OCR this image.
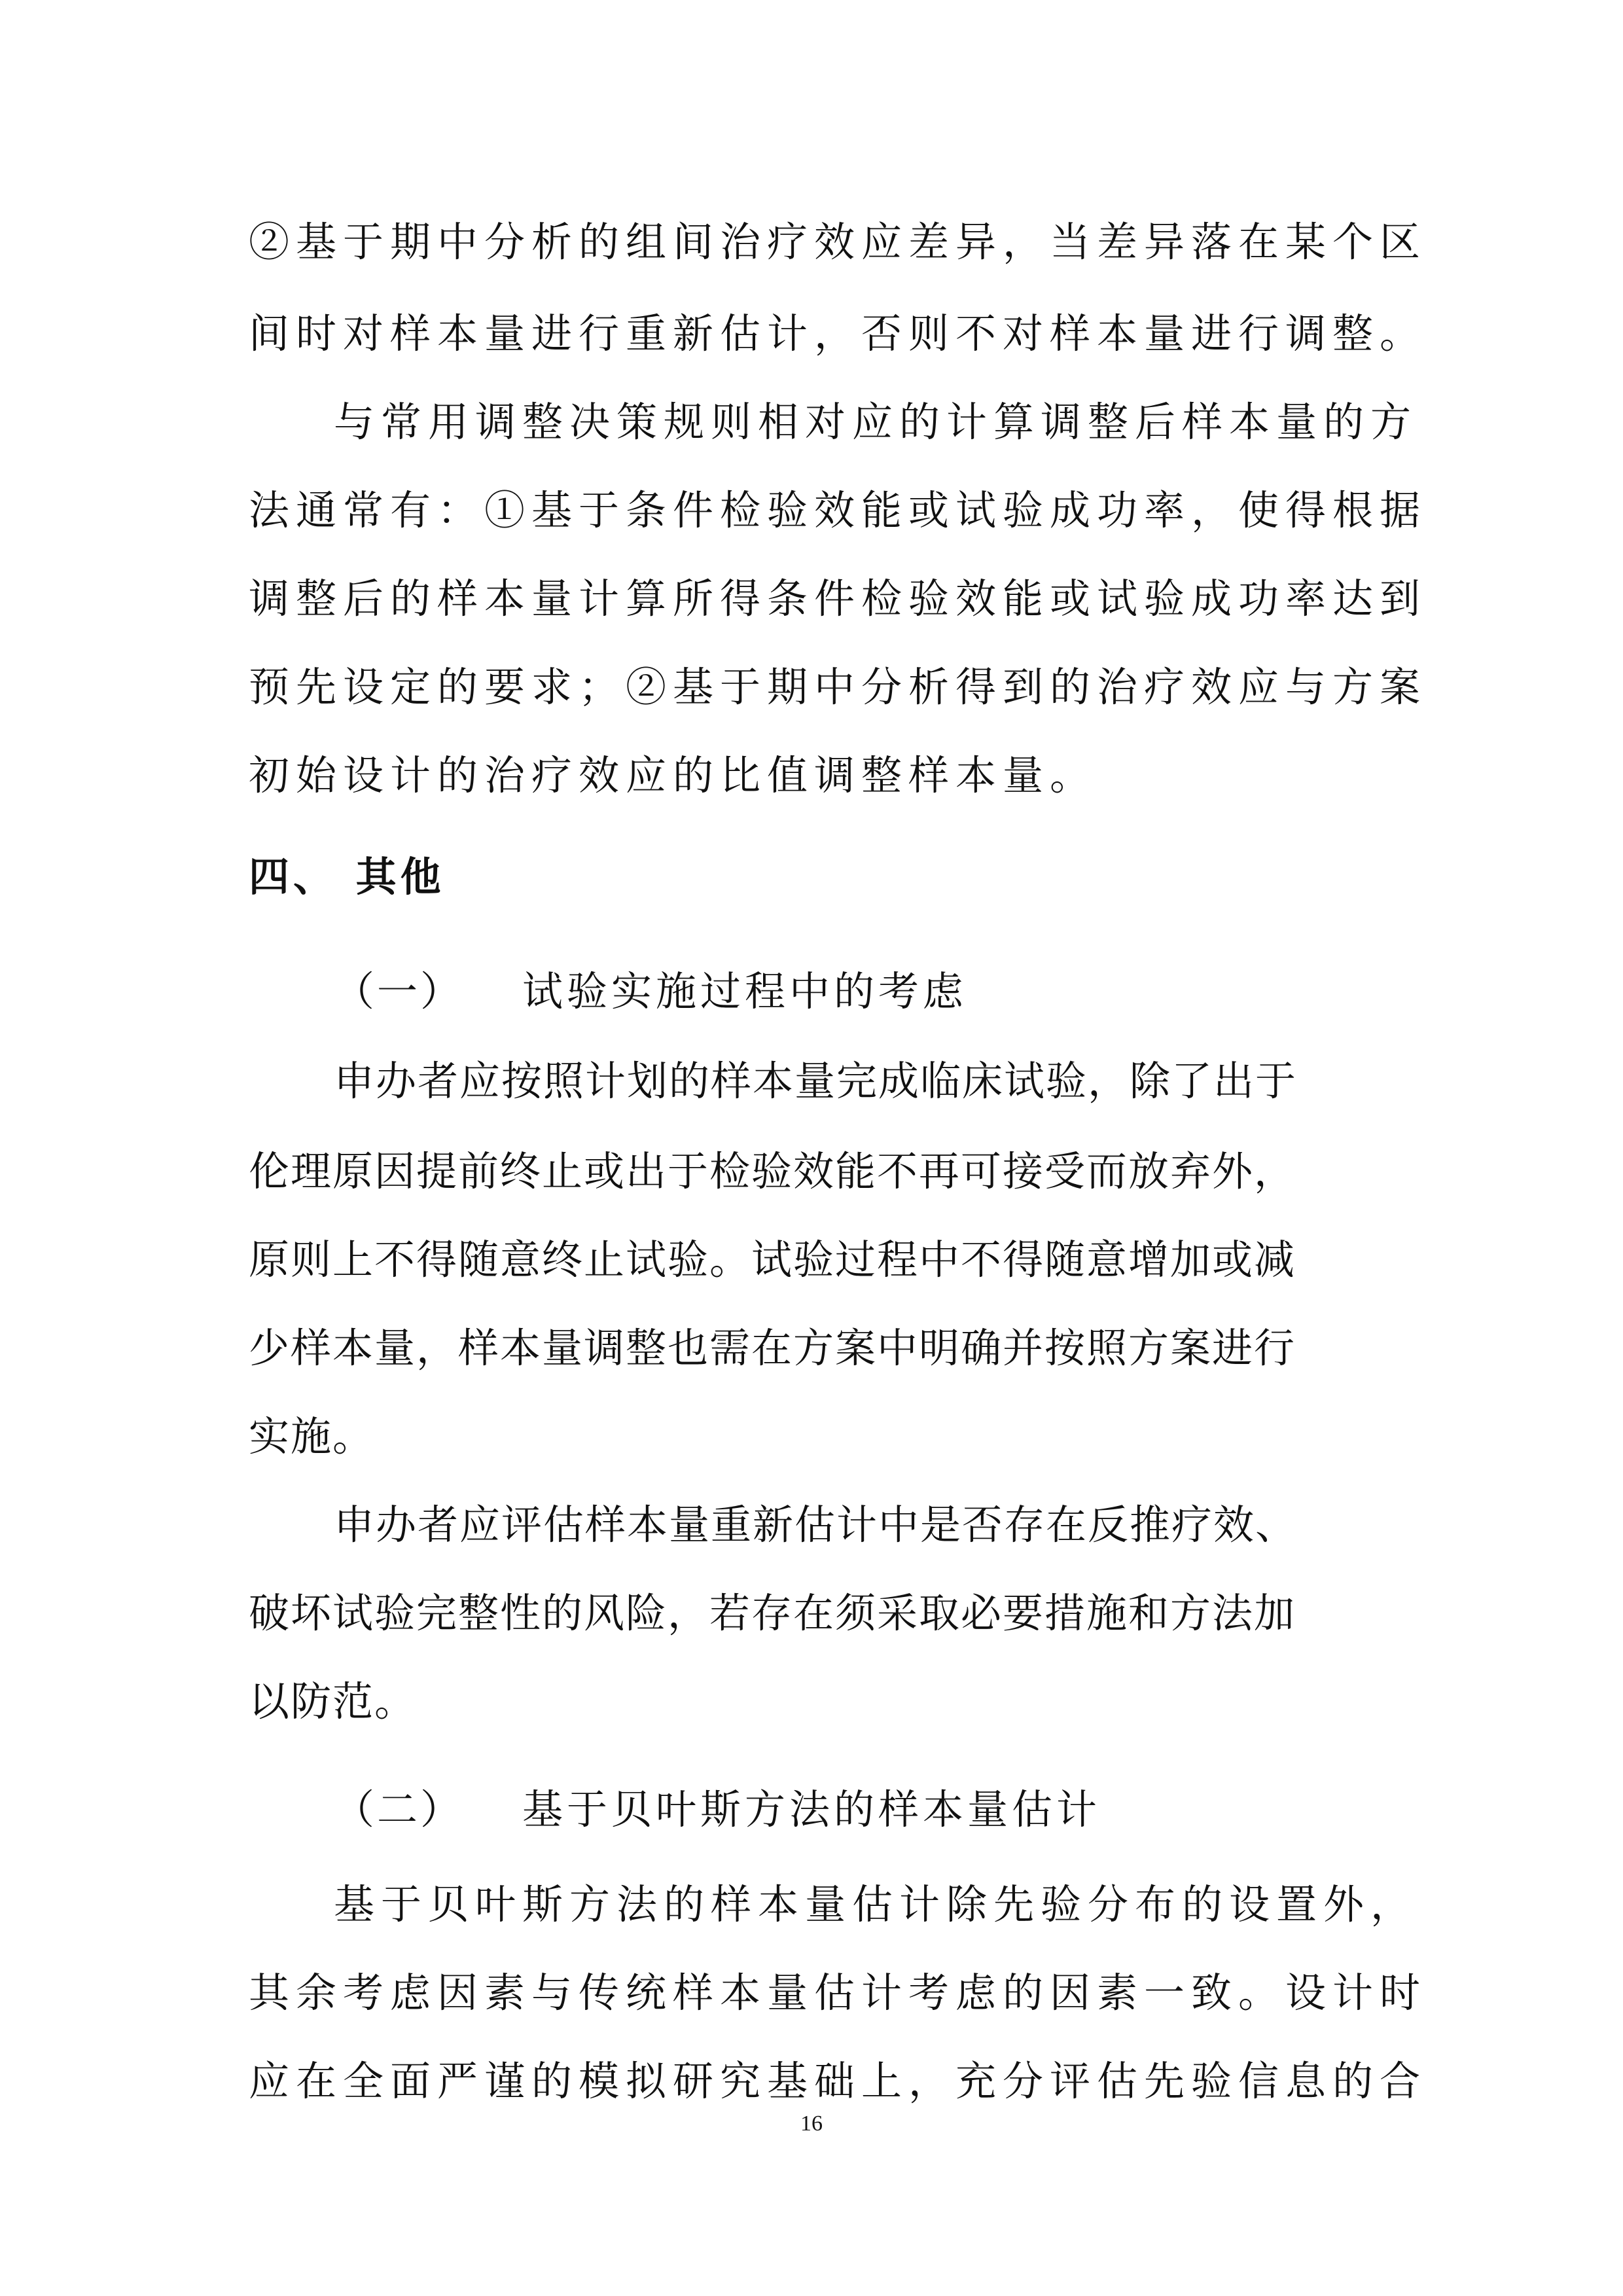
②基于期中分析的组间治疗效应差异，当差异落在某个区
间时对样本量进行重新估计，否则不对样本量进行调整。
与常用调整决策规则相对应的计算调整后样本量的方
法通常有：①基于条件检验效能或试验成功率，使得根据
调整后的样本量计算所得条件检验效能或试验成功率达到
预先设定的要求；②基于期中分析得到的治疗效应与方案
初始设计的治疗效应的比值调整样本量。
四、 其他
（一） 试验实施过程中的考虑
申办者应按照计划的样本量完成临床试验，除了出于
伦理原因提前终止或出于检验效能不再可接受而放弃外，
原则上不得随意终止试验。试验过程中不得随意增加或减
少样本量，样本量调整也需在方案中明确并按照方案进行
实施。
申办者应评估样本量重新估计中是否存在反推疗效、
破坏试验完整性的风险，若存在须采取必要措施和方法加
以防范。
（二） 基于贝叶斯方法的样本量估计
基于贝叶斯方法的样本量估计除先验分布的设置外，
其余考虑因素与传统样本量估计考虑的因素一致。设计时
应在全面严谨的模拟研究基础上，充分评估先验信息的合
16
